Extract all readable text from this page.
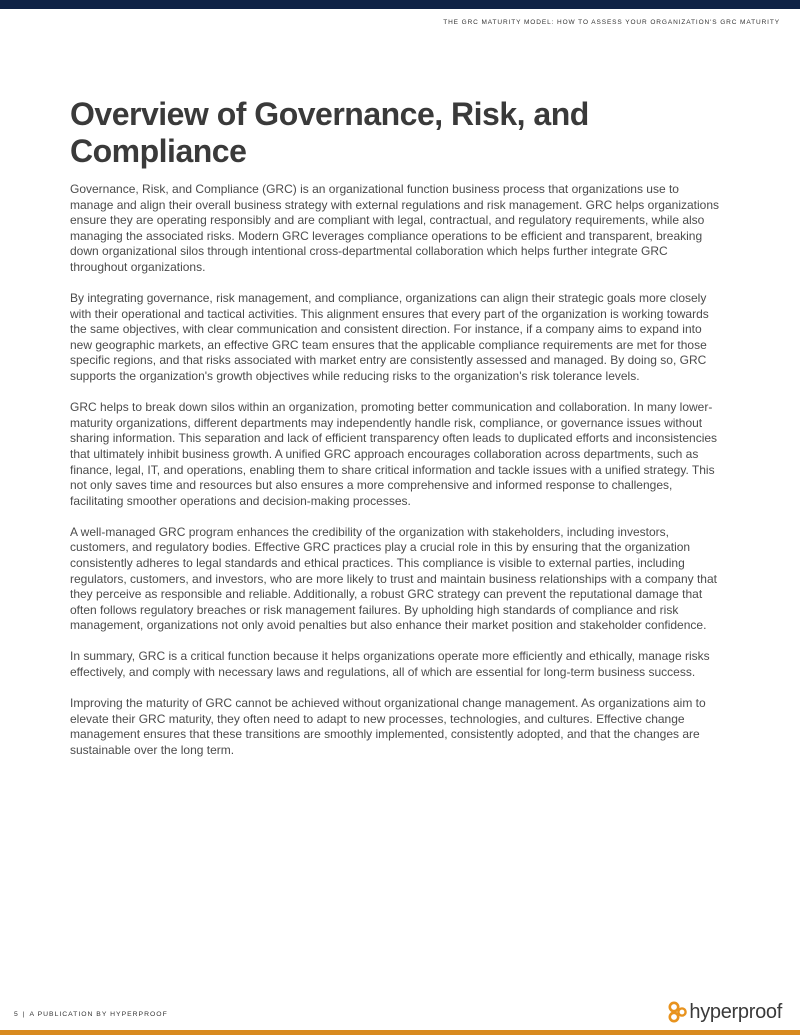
THE GRC MATURITY MODEL: HOW TO ASSESS YOUR ORGANIZATION'S GRC MATURITY
Overview of Governance, Risk, and Compliance

Governance, Risk, and Compliance (GRC) is an organizational function business process that organizations use to manage and align their overall business strategy with external regulations and risk management. GRC helps organizations ensure they are operating responsibly and are compliant with legal, contractual, and regulatory requirements, while also managing the associated risks. Modern GRC leverages compliance operations to be efficient and transparent, breaking down organizational silos through intentional cross-departmental collaboration which helps further integrate GRC throughout organizations.

By integrating governance, risk management, and compliance, organizations can align their strategic goals more closely with their operational and tactical activities. This alignment ensures that every part of the organization is working towards the same objectives, with clear communication and consistent direction. For instance, if a company aims to expand into new geographic markets, an effective GRC team ensures that the applicable compliance requirements are met for those specific regions, and that risks associated with market entry are consistently assessed and managed. By doing so, GRC supports the organization's growth objectives while reducing risks to the organization's risk tolerance levels.

GRC helps to break down silos within an organization, promoting better communication and collaboration. In many lower-maturity organizations, different departments may independently handle risk, compliance, or governance issues without sharing information. This separation and lack of efficient transparency often leads to duplicated efforts and inconsistencies that ultimately inhibit business growth. A unified GRC approach encourages collaboration across departments, such as finance, legal, IT, and operations, enabling them to share critical information and tackle issues with a unified strategy. This not only saves time and resources but also ensures a more comprehensive and informed response to challenges, facilitating smoother operations and decision-making processes.

A well-managed GRC program enhances the credibility of the organization with stakeholders, including investors, customers, and regulatory bodies. Effective GRC practices play a crucial role in this by ensuring that the organization consistently adheres to legal standards and ethical practices. This compliance is visible to external parties, including regulators, customers, and investors, who are more likely to trust and maintain business relationships with a company that they perceive as responsible and reliable. Additionally, a robust GRC strategy can prevent the reputational damage that often follows regulatory breaches or risk management failures. By upholding high standards of compliance and risk management, organizations not only avoid penalties but also enhance their market position and stakeholder confidence.

In summary, GRC is a critical function because it helps organizations operate more efficiently and ethically, manage risks effectively, and comply with necessary laws and regulations, all of which are essential for long-term business success.

Improving the maturity of GRC cannot be achieved without organizational change management. As organizations aim to elevate their GRC maturity, they often need to adapt to new processes, technologies, and cultures. Effective change management ensures that these transitions are smoothly implemented, consistently adopted, and that the changes are sustainable over the long term.

5 | A PUBLICATION BY HYPERPROOF	hyperproof
